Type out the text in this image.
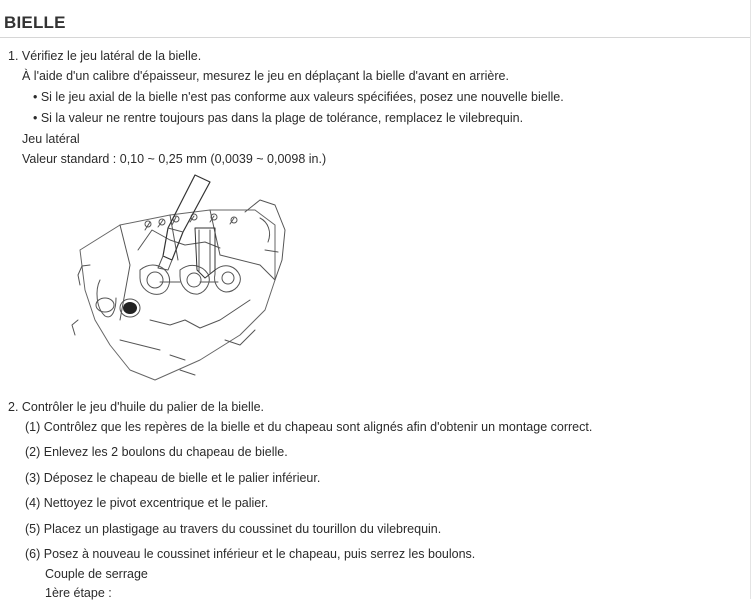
BIELLE
1. Vérifiez le jeu latéral de la bielle.
À l'aide d'un calibre d'épaisseur, mesurez le jeu en déplaçant la bielle d'avant en arrière.
• Si le jeu axial de la bielle n'est pas conforme aux valeurs spécifiées, posez une nouvelle bielle.
• Si la valeur ne rentre toujours pas dans la plage de tolérance, remplacez le vilebrequin.
Jeu latéral
Valeur standard : 0,10 ~ 0,25 mm (0,0039 ~ 0,0098 in.)
2. Contrôler le jeu d'huile du palier de la bielle.
(1) Contrôlez que les repères de la bielle et du chapeau sont alignés afin d'obtenir un montage correct.
(2) Enlevez les 2 boulons du chapeau de bielle.
(3) Déposez le chapeau de bielle et le palier inférieur.
(4) Nettoyez le pivot excentrique et le palier.
(5) Placez un plastigage au travers du coussinet du tourillon du vilebrequin.
(6) Posez à nouveau le coussinet inférieur et le chapeau, puis serrez les boulons.
Couple de serrage
1ère étape :
